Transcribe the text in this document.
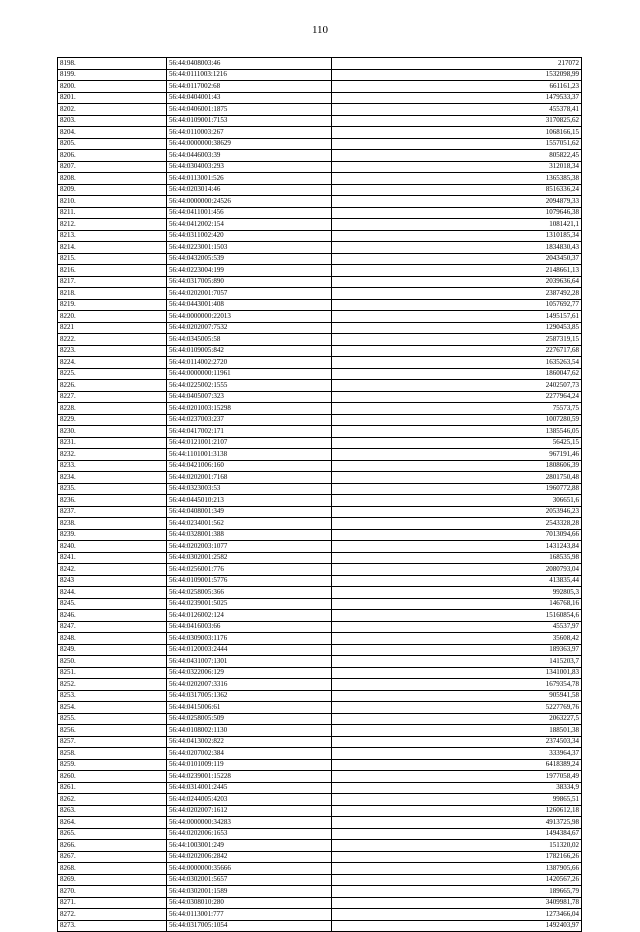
110
8198.	56:44:0408003:46	217072
8199.	56:44:0111003:1216	1532098,99
8200.	56:44:0117002:68	661161,23
8201.	56:44:0404001:43	1479533,37
8202.	56:44:0406001:1875	455378,41
8203.	56:44:0109001:7153	3170825,62
8204.	56:44:0110003:267	1068166,15
8205.	56:44:0000000:38629	1557051,62
8206.	56:44:0446003:39	805822,45
8207.	56:44:0304003:293	312018,34
8208.	56:44:0113001:526	1365385,38
8209.	56:44:0203014:46	8516336,24
8210.	56:44:0000000:24526	2094879,33
8211.	56:44:0411001:456	1079646,38
8212.	56:44:0412002:154	1081421,1
8213.	56:44:0311002:420	1310185,34
8214.	56:44:0223001:1503	1834830,43
8215.	56:44:0432005:539	2043450,37
8216.	56:44:0223004:199	2148661,13
8217.	56:44:0317005:890	2039636,64
8218.	56:44:0202001:7057	2387492,28
8219.	56:44:0443001:408	1057692,77
8220.	56:44:0000000:22013	1495157,61
8221	56:44:0202007:7532	1290453,85
8222.	56:44:0345005:58	2587319,15
8223.	56:44:0109005:842	2276717,68
8224.	56:44:0114002:2720	1635263,54
8225.	56:44:0000000:11961	1860047,62
8226.	56:44:0225002:1555	2402507,73
8227.	56:44:0405007:323	2277964,24
8228.	56:44:0201003:15298	75573,75
8229.	56:44:0237003:237	1007280,59
8230.	56:44:0417002:171	1385546,05
8231.	56:44:0121001:2107	56425,15
8232.	56:44:1101001:3138	967191,46
8233.	56:44:0421006:160	1808606,39
8234.	56:44:0202001:7168	2801750,48
8235.	56:44:0323003:53	1960772,88
8236.	56:44:0445010:213	306651,6
8237.	56:44:0408001:349	2053946,23
8238.	56:44:0234001:562	2543328,28
8239.	56:44:0328001:388	7013094,66
8240.	56:44:0202003:1077	1431243,84
8241.	56:44:0302001:2582	168535,98
8242.	56:44:0256001:776	2080793,04
8243	56:44:0109001:5776	413835,44
8244.	56:44:0258005:366	992805,3
8245.	56:44:0239001:5025	146768,16
8246.	56:44:0126002:124	15160854,6
8247.	56:44:0416003:66	45537,97
8248.	56:44:0309003:1176	35608,42
8249.	56:44:0120003:2444	189363,97
8250.	56:44:0431007:1301	1415203,7
8251.	56:44:0322006:129	1341001,83
8252.	56:44:0202007:3316	1679354,78
8253.	56:44:0317005:1362	905941,58
8254.	56:44:0415006:61	5227769,76
8255.	56:44:0258005:509	2063227,5
8256.	56:44:0108002:1130	188501,38
8257.	56:44:0413002:822	2374503,34
8258.	56:44:0207002:384	333964,37
8259.	56:44:0101009:119	6418389,24
8260.	56:44:0239001:15228	1977058,49
8261.	56:44:0314001:2445	38334,9
8262.	56:44:0244005:4203	99865,51
8263.	56:44:0202007:1612	1260612,18
8264.	56:44:0000000:34283	4913725,98
8265.	56:44:0202006:1653	1494384,67
8266.	56:44:1003001:249	151320,02
8267.	56:44:0202006:2842	1782166,26
8268.	56:44:0000000:35666	1387905,66
8269.	56:44:0302001:5657	1420567,26
8270.	56:44:0302001:1589	189665,79
8271.	56:44:0308010:280	3409981,78
8272.	56:44:0113001:777	1273466,04
8273.	56:44:0317005:1054	1492403,97
